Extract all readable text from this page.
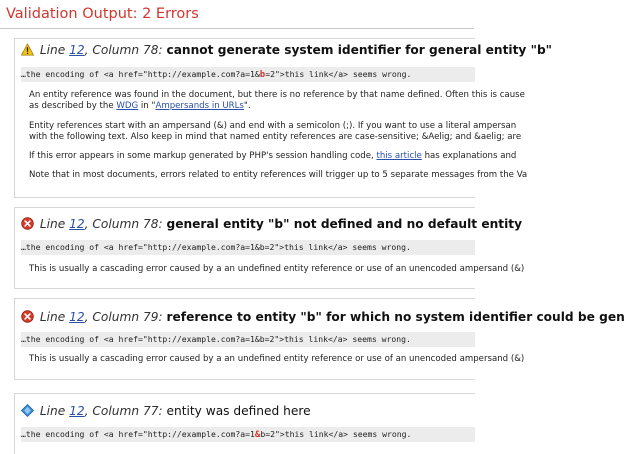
Validation Output: 2 Errors
Line 12, Column 78: cannot generate system identifier for general entity "b"
…the encoding of <a href="http://example.com?a=1&b=2">this link</a> seems wrong.
An entity reference was found in the document, but there is no reference by that name defined. Often this is cause
as described by the WDG in "Ampersands in URLs".
Entity references start with an ampersand (&) and end with a semicolon (;). If you want to use a literal ampersan
with the following text. Also keep in mind that named entity references are case-sensitive; &Aelig; and &aelig; are
If this error appears in some markup generated by PHP's session handling code, this article has explanations and
Note that in most documents, errors related to entity references will trigger up to 5 separate messages from the Va
Line 12, Column 78: general entity "b" not defined and no default entity
…the encoding of <a href="http://example.com?a=1&b=2">this link</a> seems wrong.
This is usually a cascading error caused by a an undefined entity reference or use of an unencoded ampersand (&)
Line 12, Column 79: reference to entity "b" for which no system identifier could be gen
…the encoding of <a href="http://example.com?a=1&b=2">this link</a> seems wrong.
This is usually a cascading error caused by a an undefined entity reference or use of an unencoded ampersand (&)
Line 12, Column 77: entity was defined here
…the encoding of <a href="http://example.com?a=1&b=2">this link</a> seems wrong.
